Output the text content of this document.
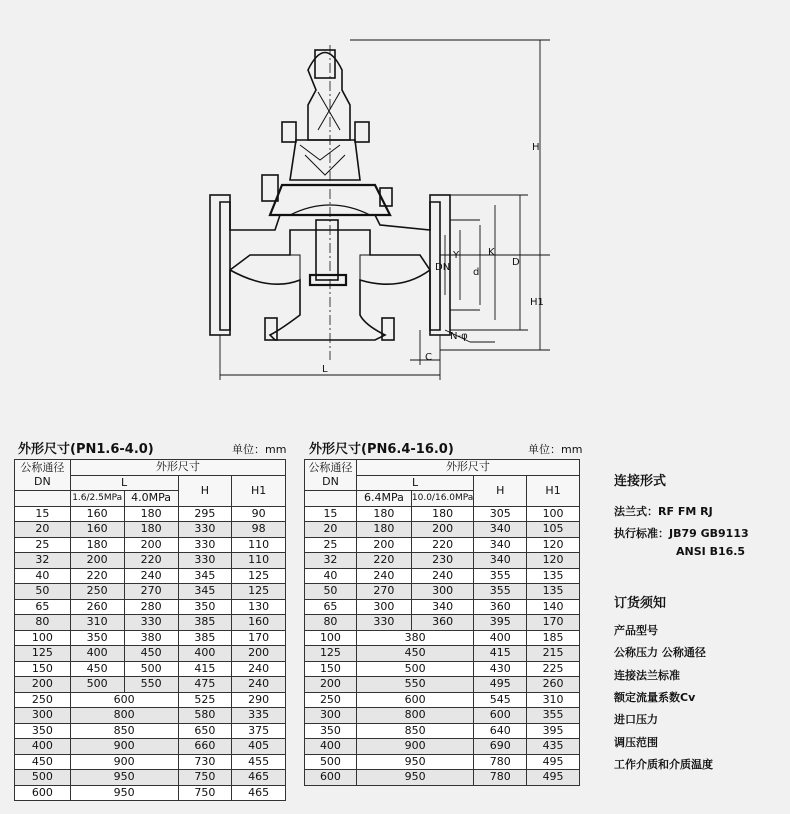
H
H1
D
K
d
DN
Y
L
C
N-φ
外形尺寸(PN1.6-4.0)	单位：mm
公称通径
DN	外形尺寸			
	L		H	H1
	1.6/2.5MPa	4.0MPa		
15	160	180	295	90
20	160	180	330	98
25	180	200	330	110
32	200	220	330	110
40	220	240	345	125
50	250	270	345	125
65	260	280	350	130
80	310	330	385	160
100	350	380	385	170
125	400	450	400	200
150	450	500	415	240
200	500	550	475	240
250	600		525	290
300	800		580	335
350	850		650	375
400	900		660	405
450	900		730	455
500	950		750	465
600	950		750	465
外形尺寸(PN6.4-16.0)	单位：mm
公称通径
DN	外形尺寸			
	L		H	H1
	6.4MPa	10.0/16.0MPa		
15	180	180	305	100
20	180	200	340	105
25	200	220	340	120
32	220	230	340	120
40	240	240	355	135
50	270	300	355	135
65	300	340	360	140
80	330	360	395	170
100	380		400	185
125	450		415	215
150	500		430	225
200	550		495	260
250	600		545	310
300	800		600	355
350	850		640	395
400	900		690	435
500	950		780	495
600	950		780	495
连接形式
法兰式：RF FM RJ
执行标准：JB79 GB9113
ANSI B16.5
订货须知
产品型号
公称压力 公称通径
连接法兰标准
额定流量系数Cv
进口压力
调压范围
工作介质和介质温度
